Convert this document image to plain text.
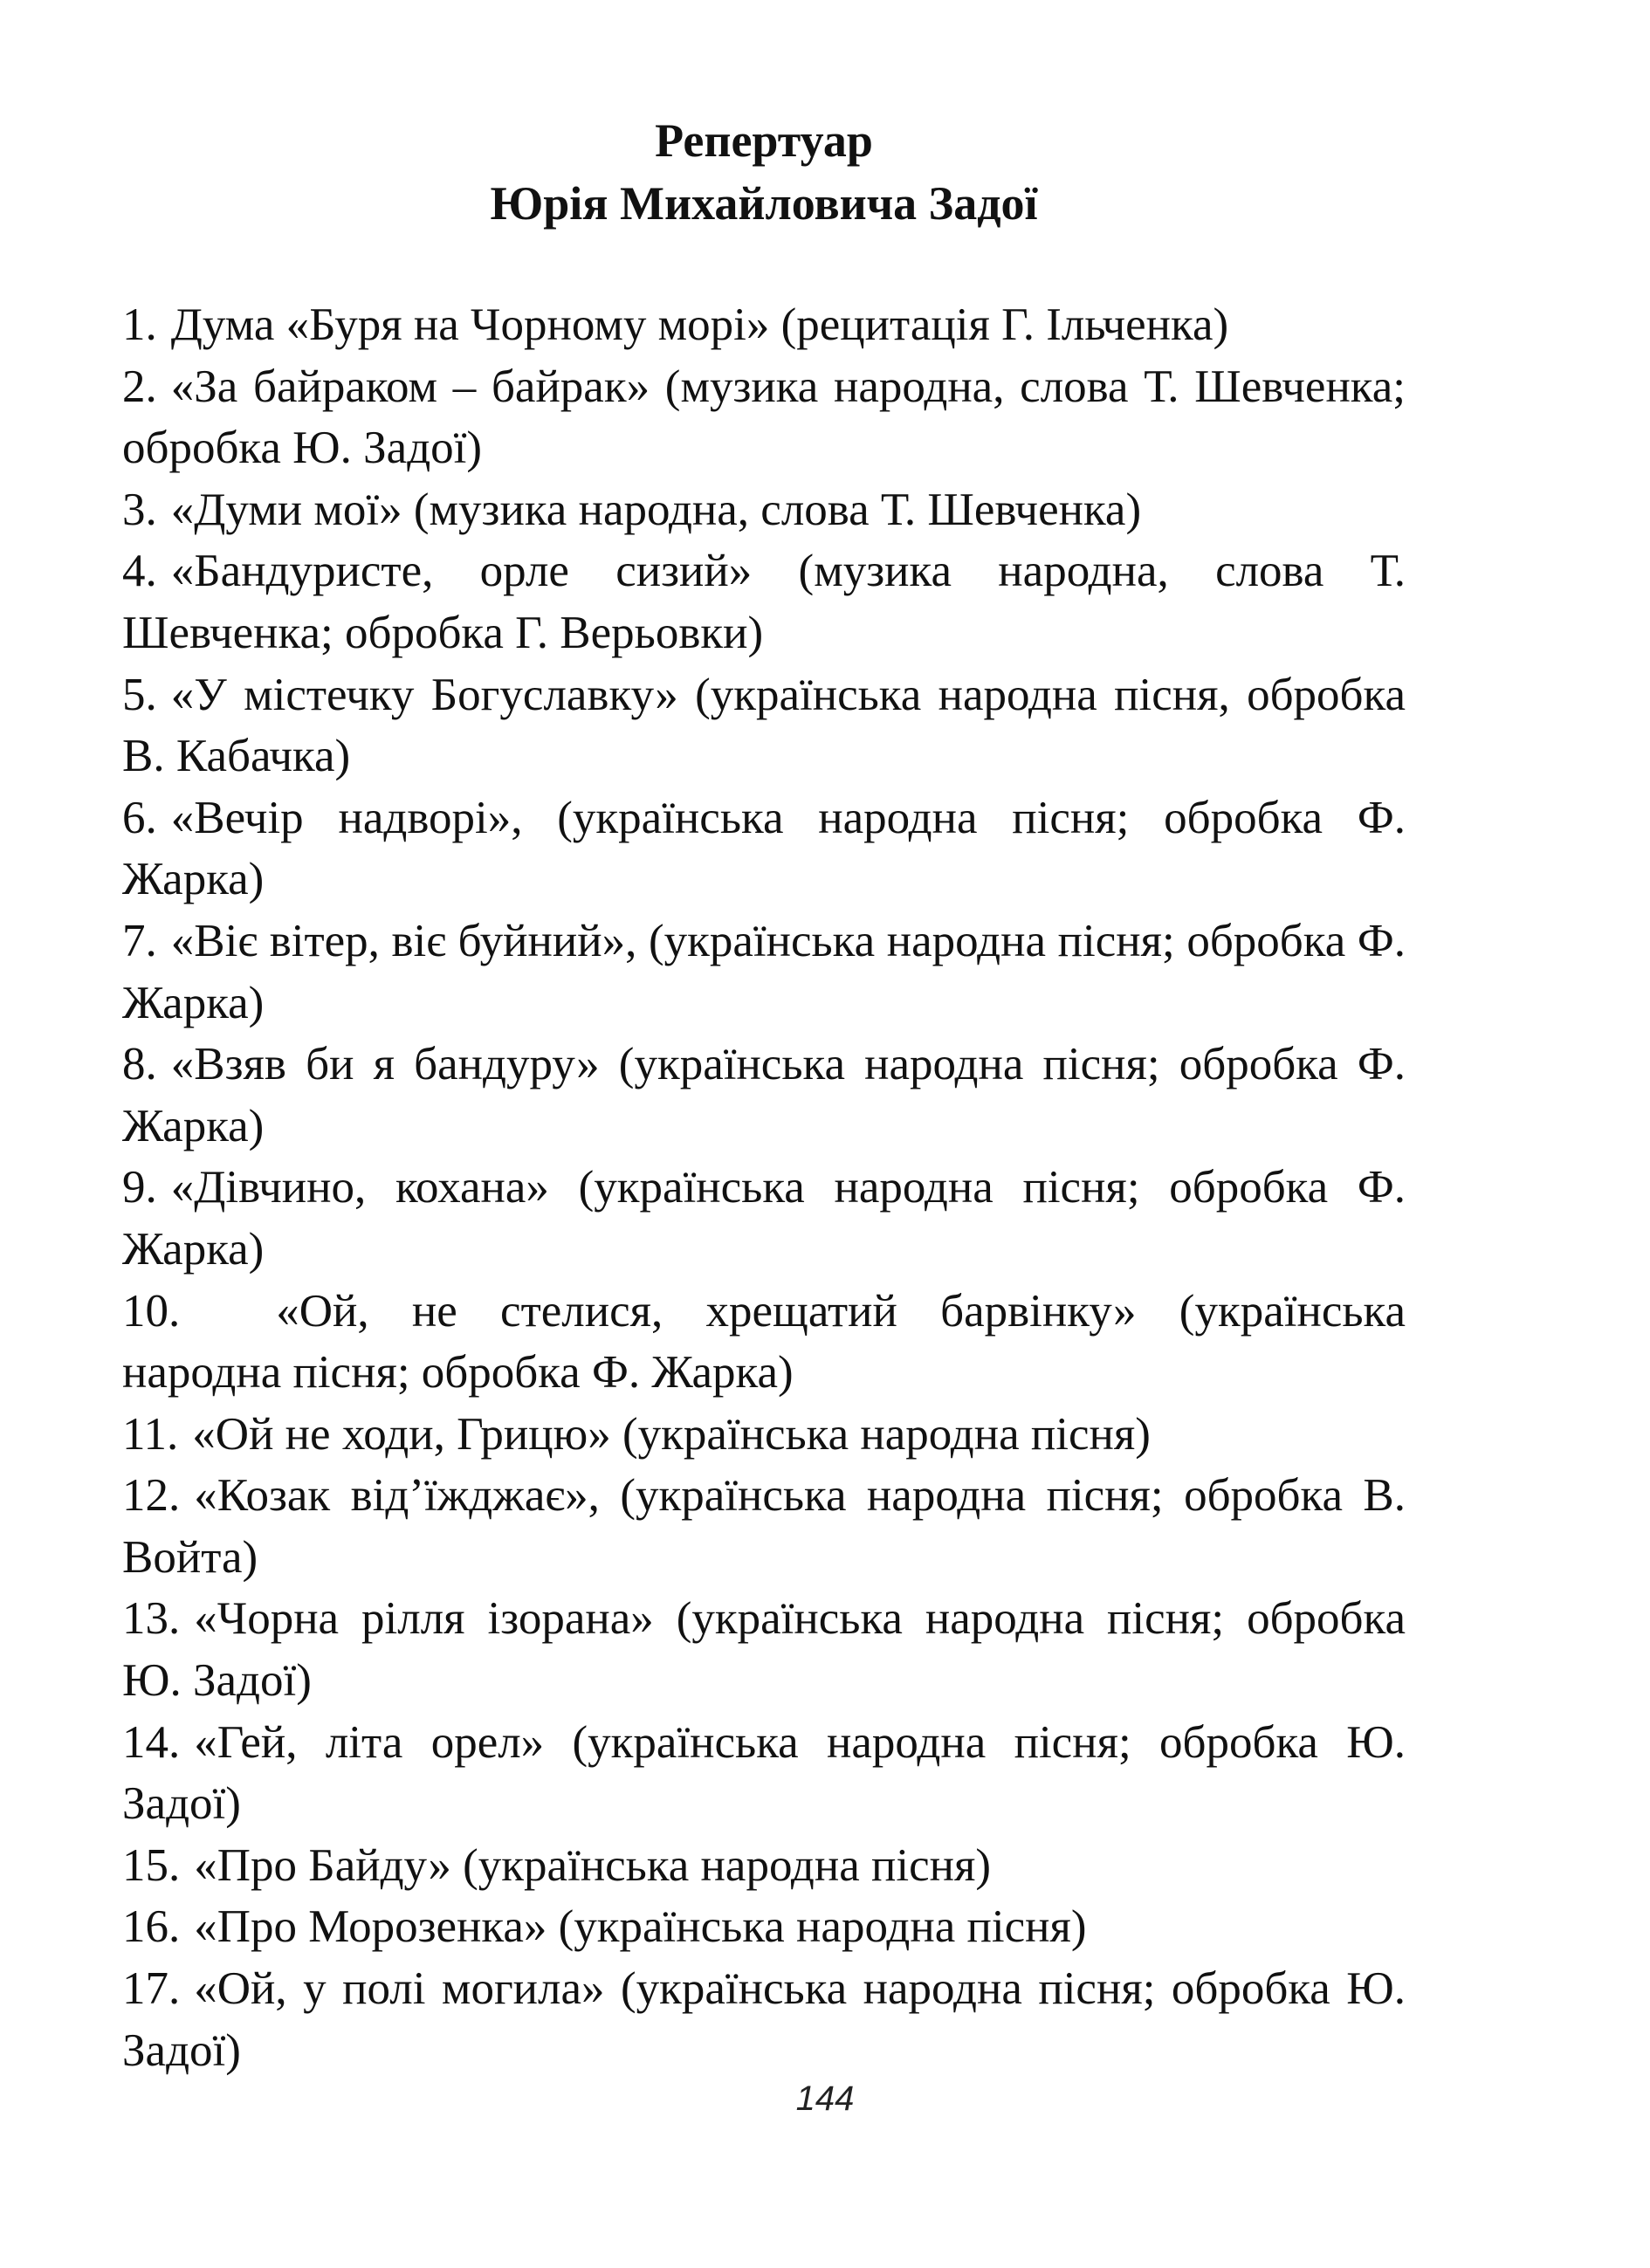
Репертуар
Юрія Михайловича Задої
1. Дума «Буря на Чорному морі» (рецитація Г. Ільченка)
2. «За байраком – байрак» (музика народна, слова Т. Шевченка; обробка Ю. Задої)
3. «Думи мої» (музика народна, слова Т. Шевченка)
4. «Бандуристе, орле сизий» (музика народна, слова Т. Шевченка; обробка Г. Верьовки)
5. «У містечку Богуславку» (українська народна пісня, обробка В. Кабачка)
6. «Вечір надворі», (українська народна пісня; обробка Ф. Жарка)
7. «Віє вітер, віє буйний», (українська народна пісня; обробка Ф. Жарка)
8. «Взяв би я бандуру» (українська народна пісня; обробка Ф. Жарка)
9. «Дівчино, кохана» (українська народна пісня; обробка Ф. Жарка)
10. «Ой, не стелися, хрещатий барвінку» (українська народна пісня; обробка Ф. Жарка)
11. «Ой не ходи, Грицю» (українська народна пісня)
12. «Козак від’їжджає», (українська народна пісня; обробка В. Войта)
13. «Чорна рілля ізорана» (українська народна пісня; обробка Ю. Задої)
14. «Гей, літа орел» (українська народна пісня; обробка Ю. Задої)
15. «Про Байду» (українська народна пісня)
16. «Про Морозенка» (українська народна пісня)
17. «Ой, у полі могила» (українська народна пісня; обробка Ю. Задої)
144
